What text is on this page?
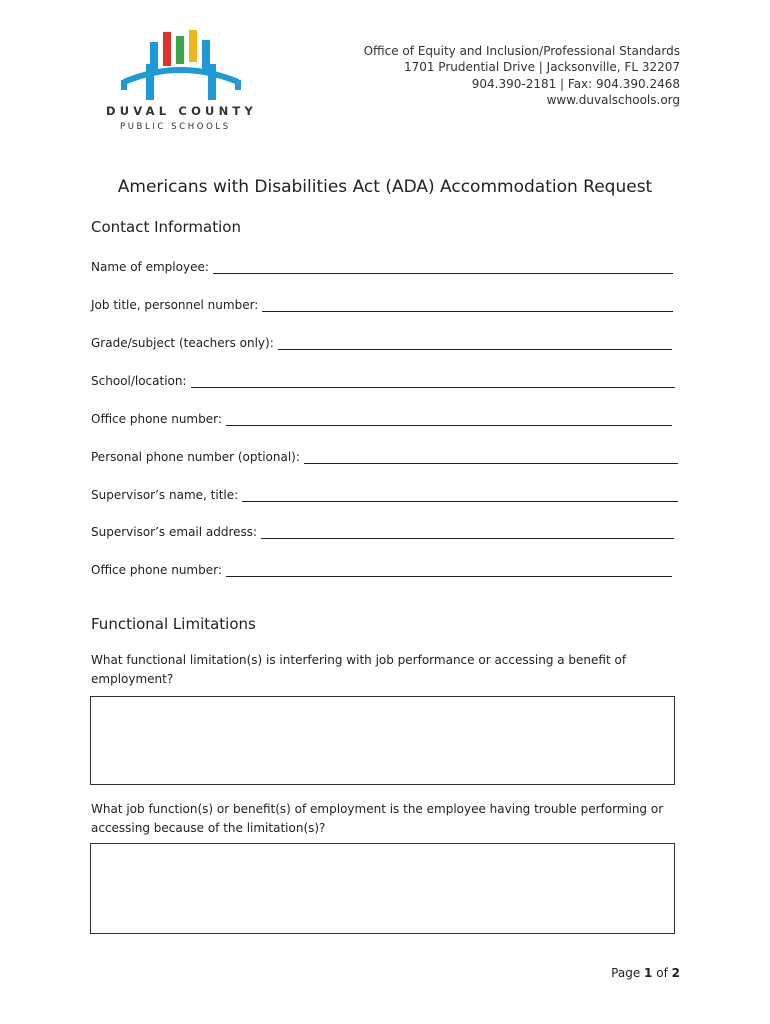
DUVAL COUNTY
PUBLIC SCHOOLS
Office of Equity and Inclusion/Professional Standards
1701 Prudential Drive | Jacksonville, FL 32207
904.390-2181 | Fax: 904.390.2468
www.duvalschools.org
Americans with Disabilities Act (ADA) Accommodation Request
Contact Information
Name of employee:
Job title, personnel number:
Grade/subject (teachers only):
School/location:
Office phone number:
Personal phone number (optional):
Supervisor’s name, title:
Supervisor’s email address:
Office phone number:
Functional Limitations
What functional limitation(s) is interfering with job performance or accessing a benefit of employment?
What job function(s) or benefit(s) of employment is the employee having trouble performing or accessing because of the limitation(s)?
Page 1 of 2
